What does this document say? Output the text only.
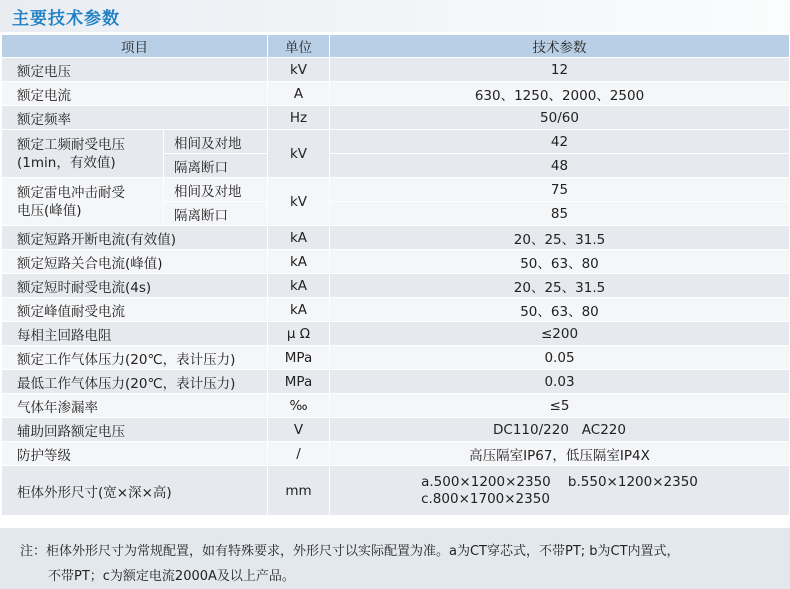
主要技术参数
项目		单位	技术参数
额定电压		kV	12
额定电流		A	630、1250、2000、2500
额定频率		Hz	50/60

额定工频耐受电压
(1min，有效值)	相间及对地	kV	42
	隔离断口		48

额定雷电冲击耐受
电压(峰值)	相间及对地	kV	75
	隔离断口		85
额定短路开断电流(有效值)		kA	20、25、31.5
额定短路关合电流(峰值)		kA	50、63、80
额定短时耐受电流(4s)		kA	20、25、31.5
额定峰值耐受电流		kA	50、63、80
每相主回路电阻		μ Ω	≤200
额定工作气体压力(20℃，表计压力)		MPa	0.05
最低工作气体压力(20℃，表计压力)		MPa	0.03
气体年渗漏率		‰	≤5
辅助回路额定电压		V	DC110/220   AC220
防护等级		/	高压隔室IP67，低压隔室IP4X
柜体外形尺寸(宽×深×高)		mm	a.500×1200×2350    b.550×1200×2350
c.800×1700×2350
注：柜体外形尺寸为常规配置，如有特殊要求，外形尺寸以实际配置为准。a为CT穿芯式，不带PT; b为CT内置式，
不带PT；c为额定电流2000A及以上产品。
